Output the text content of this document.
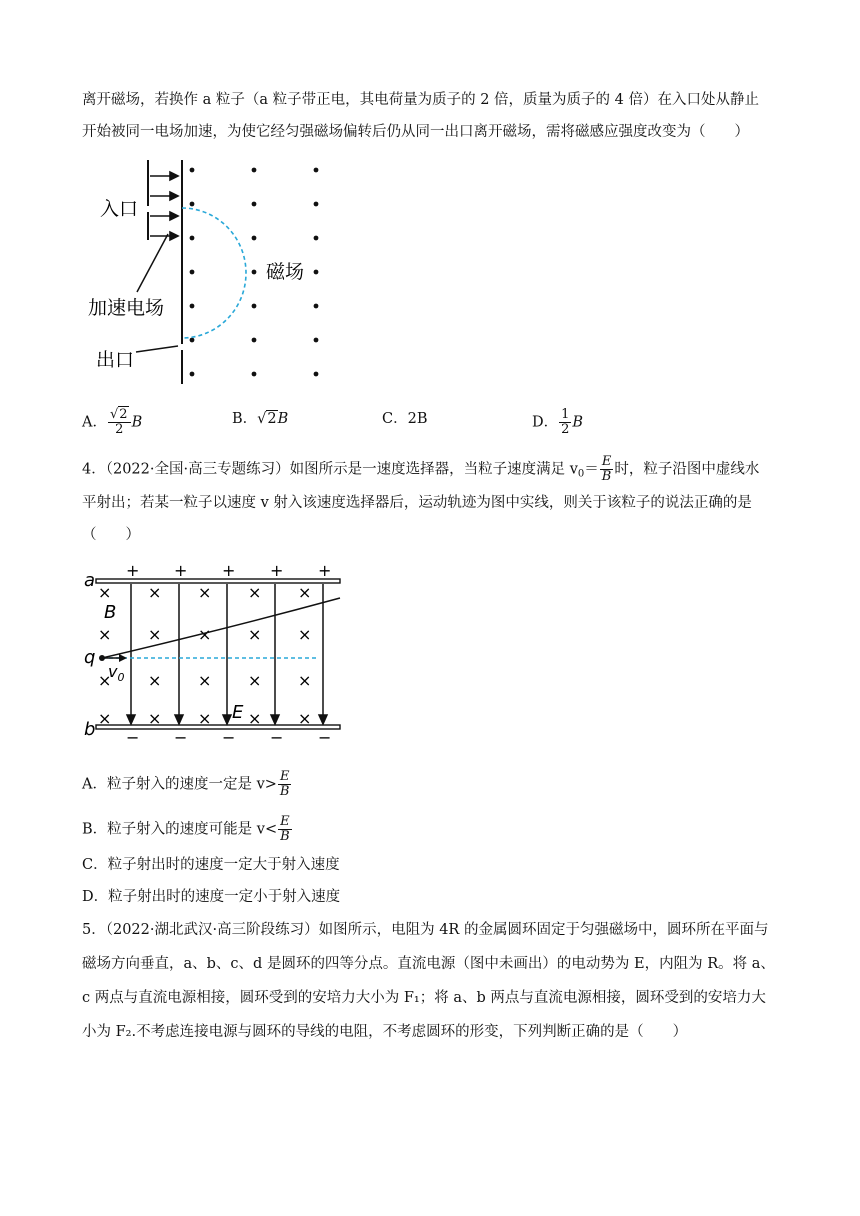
离开磁场，若换作 a 粒子（a 粒子带正电，其电荷量为质子的 2 倍，质量为质子的 4 倍）在入口处从静止
开始被同一电场加速，为使它经匀强磁场偏转后仍从同一出口离开磁场，需将磁感应强度改变为（　　）
入口
磁场
加速电场
出口
A． $\frac{√2}{2}$ B	B．√2B	C．2B	D． $\frac{1}{2}$ B
4．（2022·全国·高三专题练习）如图所示是一速度选择器，当粒子速度满足 $v_0= \frac{E}{B}$ 时，粒子沿图中虚线水
平射出；若某一粒子以速度 v 射入该速度选择器后，运动轨迹为图中实线，则关于该粒子的说法正确的是
（　　）
a
b
q
+ + + + +
− − − − −
× × × × ×
× × × × ×
× × × × ×
× × × × ×
B
E
$v_0$
A．粒子射入的速度一定是 $v> \frac{E}{B}$
B．粒子射入的速度可能是 $v< \frac{E}{B}$
C．粒子射出时的速度一定大于射入速度
D．粒子射出时的速度一定小于射入速度
5．（2022·湖北武汉·高三阶段练习）如图所示，电阻为 4R 的金属圆环固定于匀强磁场中，圆环所在平面与
磁场方向垂直，a、b、c、d 是圆环的四等分点。直流电源（图中未画出）的电动势为 E，内阻为 R。将 a、
c 两点与直流电源相接，圆环受到的安培力大小为 F₁；将 a、b 两点与直流电源相接，圆环受到的安培力大
小为 F₂.不考虑连接电源与圆环的导线的电阻，不考虑圆环的形变，下列判断正确的是（　　）
